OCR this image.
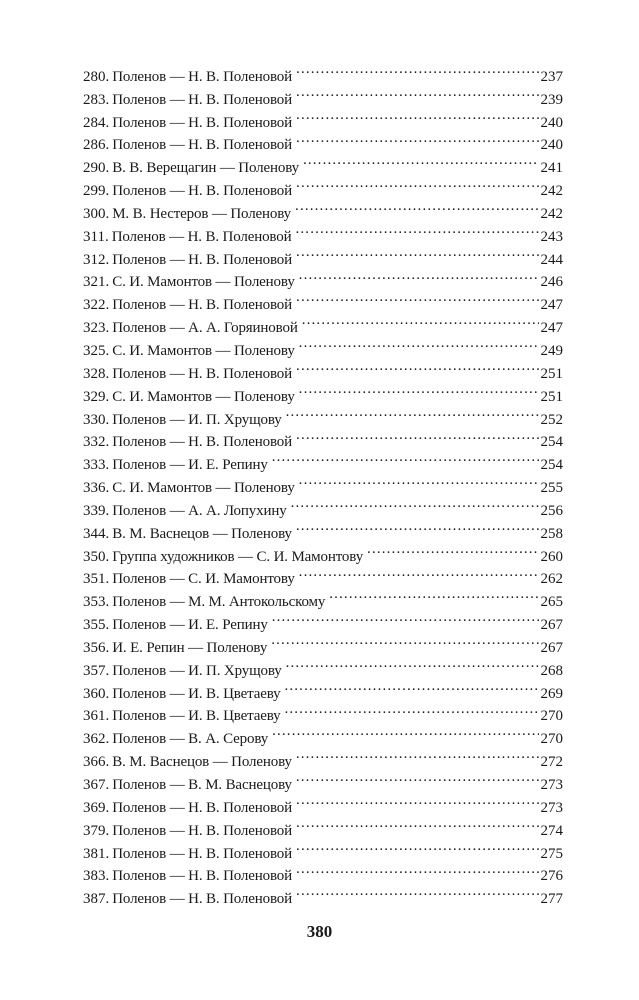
280. Поленов — Н. В. Поленовой . . .	237
283. Поленов — Н. В. Поленовой . . .	239
284. Поленов — Н. В. Поленовой . . .	240
286. Поленов — Н. В. Поленовой . . .	240
290. В. В. Верещагин — Поленову . . .	241
299. Поленов — Н. В. Поленовой . . .	242
300. М. В. Нестеров — Поленову . . .	242
311. Поленов — Н. В. Поленовой . . .	243
312. Поленов — Н. В. Поленовой . . .	244
321. С. И. Мамонтов — Поленову . . .	246
322. Поленов — Н. В. Поленовой . . .	247
323. Поленов — А. А. Горяиновой . . .	247
325. С. И. Мамонтов — Поленову . . .	249
328. Поленов — Н. В. Поленовой . . .	251
329. С. И. Мамонтов — Поленову . . .	251
330. Поленов — И. П. Хрущову . . .	252
332. Поленов — Н. В. Поленовой . . .	254
333. Поленов — И. Е. Репину . . .	254
336. С. И. Мамонтов — Поленову . . .	255
339. Поленов — А. А. Лопухину . . .	256
344. В. М. Васнецов — Поленову . . .	258
350. Группа художников — С. И. Мамонтову . . .	260
351. Поленов — С. И. Мамонтову . . .	262
353. Поленов — М. М. Антокольскому . . .	265
355. Поленов — И. Е. Репину . . .	267
356. И. Е. Репин — Поленову . . .	267
357. Поленов — И. П. Хрущову . . .	268
360. Поленов — И. В. Цветаеву . . .	269
361. Поленов — И. В. Цветаеву . . .	270
362. Поленов — В. А. Серову . . .	270
366. В. М. Васнецов — Поленову . . .	272
367. Поленов — В. М. Васнецову . . .	273
369. Поленов — Н. В. Поленовой . . .	273
379. Поленов — Н. В. Поленовой . . .	274
381. Поленов — Н. В. Поленовой . . .	275
383. Поленов — Н. В. Поленовой . . .	276
387. Поленов — Н. В. Поленовой . . .	277
380
